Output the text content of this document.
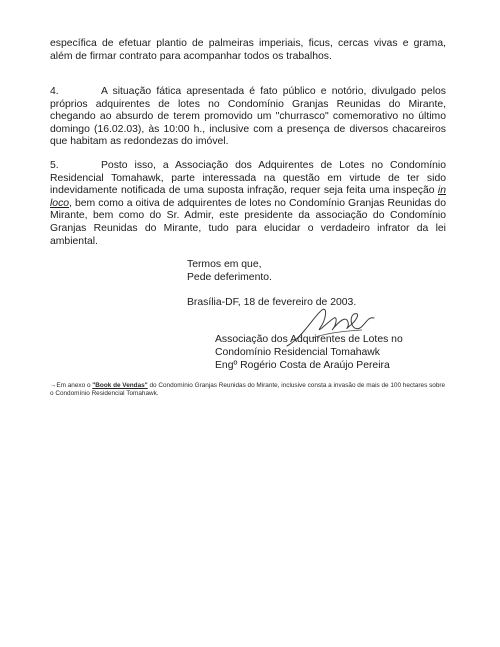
específica de efetuar plantio de palmeiras imperiais, ficus, cercas vivas e grama, além de firmar contrato para acompanhar todos os trabalhos.

4.	A situação fática apresentada é fato público e notório, divulgado pelos próprios adquirentes de lotes no Condomínio Granjas Reunidas do Mirante, chegando ao absurdo de terem promovido um "churrasco" comemorativo no último domingo (16.02.03), às 10:00 h., inclusive com a presença de diversos chacareiros que habitam as redondezas do imóvel.

5.	Posto isso, a Associação dos Adquirentes de Lotes no Condomínio Residencial Tomahawk, parte interessada na questão em virtude de ter sido indevidamente notificada de uma suposta infração, requer seja feita uma inspeção in loco, bem como a oitiva de adquirentes de lotes no Condomínio Granjas Reunidas do Mirante, bem como do Sr. Admir, este presidente da associação do Condomínio Granjas Reunidas do Mirante, tudo para elucidar o verdadeiro infrator da lei ambiental.

Termos em que,

Pede deferimento.

Brasília-DF, 18 de fevereiro de 2003.

Associação dos Adquirentes de Lotes no

Condomínio Residencial Tomahawk

Engº Rogério Costa de Araújo Pereira

→Em anexo o "Book de Vendas" do Condomínio Granjas Reunidas do Mirante, inclusive consta a invasão de mais de 100 hectares sobre o Condomínio Residencial Tomahawk.
